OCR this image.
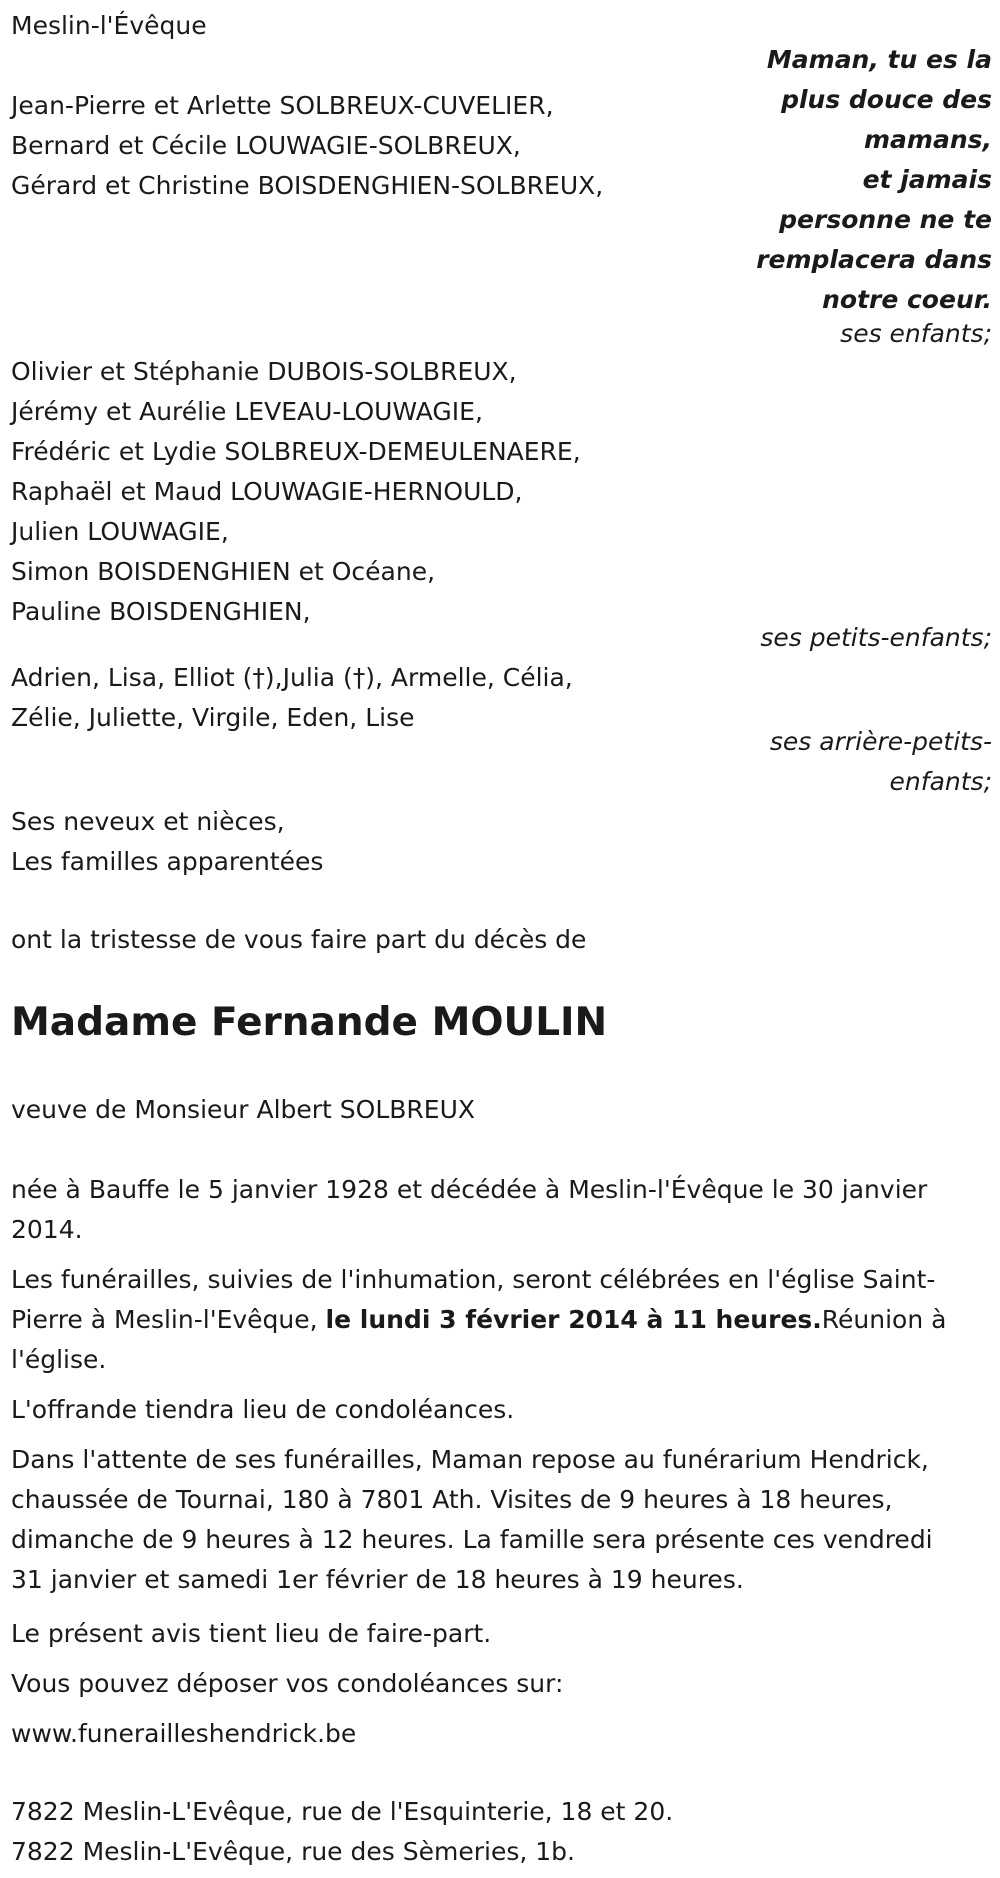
Meslin-l'Évêque
Maman, tu es la
plus douce des
mamans,
et jamais
personne ne te
remplacera dans
notre coeur.
Jean-Pierre et Arlette SOLBREUX-CUVELIER,
Bernard et Cécile LOUWAGIE-SOLBREUX,
Gérard et Christine BOISDENGHIEN-SOLBREUX,
ses enfants;
Olivier et Stéphanie DUBOIS-SOLBREUX,
Jérémy et Aurélie LEVEAU-LOUWAGIE,
Frédéric et Lydie SOLBREUX-DEMEULENAERE,
Raphaël et Maud LOUWAGIE-HERNOULD,
Julien LOUWAGIE,
Simon BOISDENGHIEN et Océane,
Pauline BOISDENGHIEN,
ses petits-enfants;
Adrien, Lisa, Elliot (†),Julia (†), Armelle, Célia,
Zélie, Juliette, Virgile, Eden, Lise
ses arrière-petits-
enfants;
Ses neveux et nièces,
Les familles apparentées
ont la tristesse de vous faire part du décès de
Madame Fernande MOULIN
veuve de Monsieur Albert SOLBREUX
née à Bauffe le 5 janvier 1928 et décédée à Meslin-l'Évêque le 30 janvier
2014.
Les funérailles, suivies de l'inhumation, seront célébrées en l'église Saint-
Pierre à Meslin-l'Evêque, le lundi 3 février 2014 à 11 heures.Réunion à
l'église.
L'offrande tiendra lieu de condoléances.
Dans l'attente de ses funérailles, Maman repose au funérarium Hendrick,
chaussée de Tournai, 180 à 7801 Ath. Visites de 9 heures à 18 heures,
dimanche de 9 heures à 12 heures. La famille sera présente ces vendredi
31 janvier et samedi 1er février de 18 heures à 19 heures.
Le présent avis tient lieu de faire-part.
Vous pouvez déposer vos condoléances sur:
www.funerailleshendrick.be
7822 Meslin-L'Evêque, rue de l'Esquinterie, 18 et 20.
7822 Meslin-L'Evêque, rue des Sèmeries, 1b.
